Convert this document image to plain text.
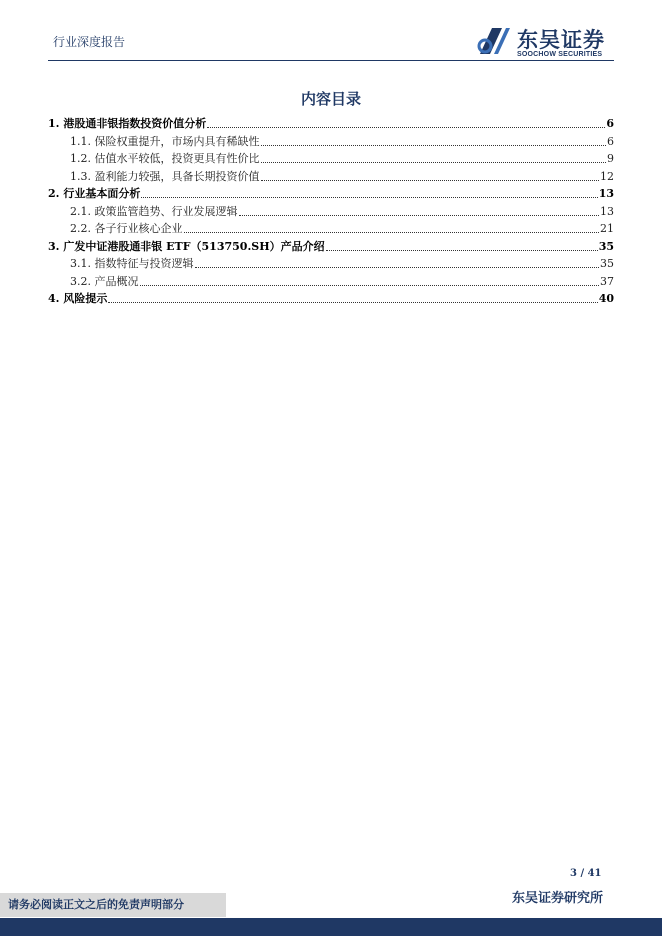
行业深度报告	东吴证券
SOOCHOW SECURITIES
内容目录
1. 港股通非银指数投资价值分析	6
1.1. 保险权重提升，市场内具有稀缺性	6
1.2. 估值水平较低，投资更具有性价比	9
1.3. 盈利能力较强，具备长期投资价值	12
2. 行业基本面分析	13
2.1. 政策监管趋势、行业发展逻辑	13
2.2. 各子行业核心企业	21
3. 广发中证港股通非银 ETF（513750.SH）产品介绍	35
3.1. 指数特征与投资逻辑	35
3.2. 产品概况	37
4. 风险提示	40
3 / 41
请务必阅读正文之后的免责声明部分	东吴证券研究所
